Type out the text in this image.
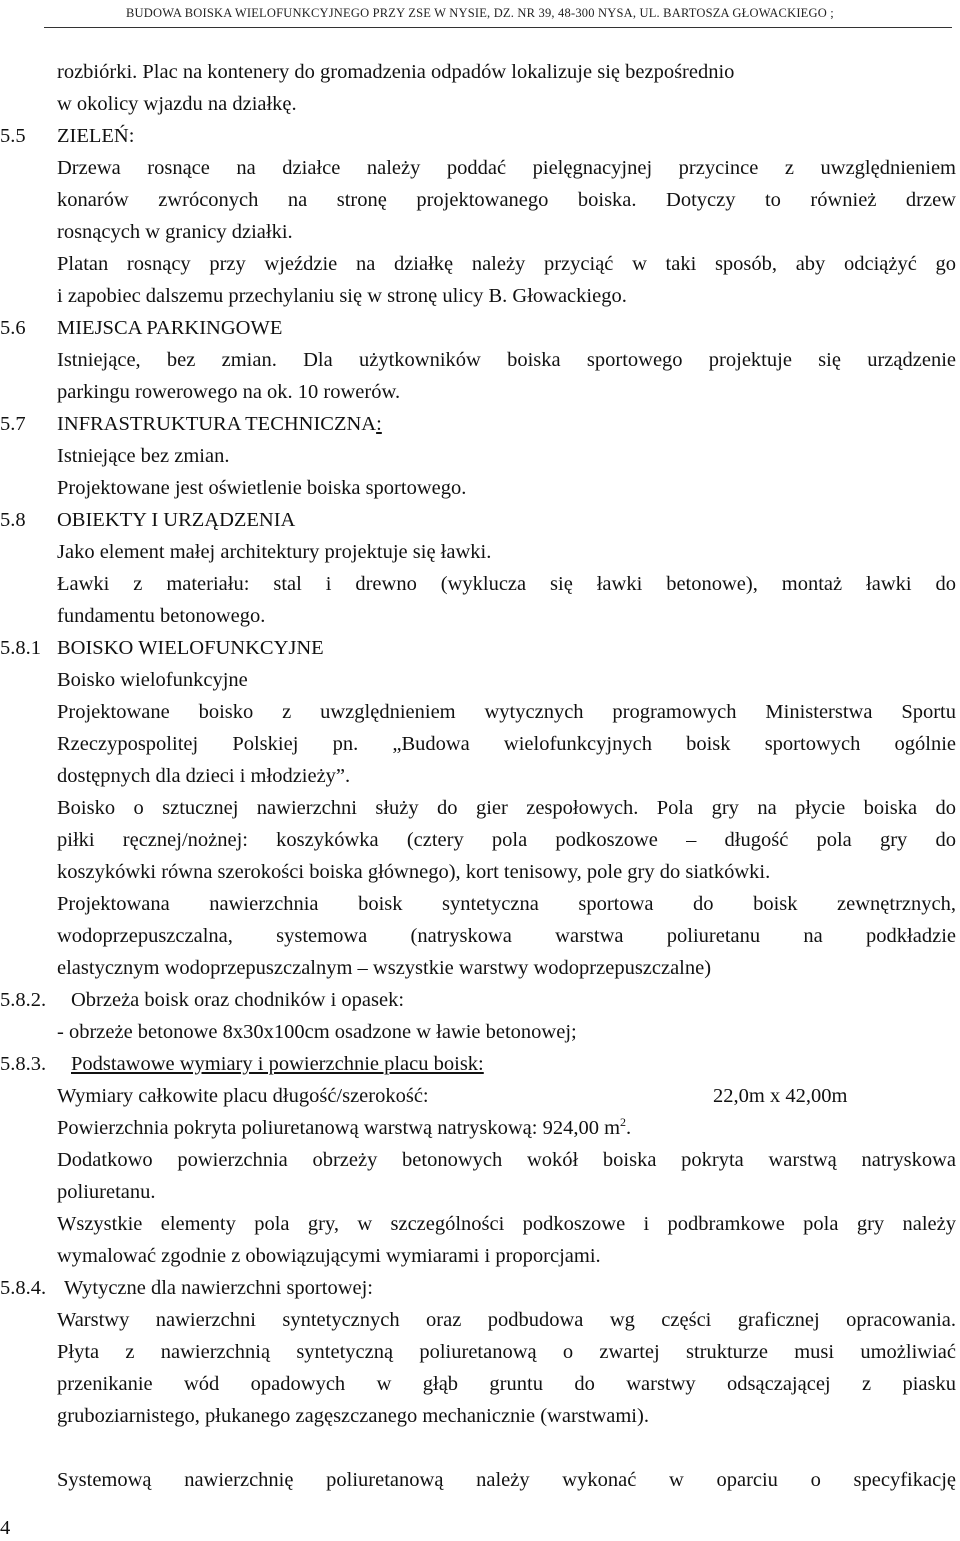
BUDOWA BOISKA WIELOFUNKCYJNEGO PRZY ZSE W NYSIE, DZ. NR 39, 48-300 NYSA, UL. BARTOSZA GŁOWACKIEGO ;
rozbiórki. Plac na kontenery do gromadzenia odpadów lokalizuje się bezpośrednio
w okolicy wjazdu na działkę.
5.5 ZIELEŃ:
Drzewa rosnące na działce należy poddać pielęgnacyjnej przycince z uwzględnieniem
konarów zwróconych na stronę projektowanego boiska. Dotyczy to również drzew
rosnących w granicy działki.
Platan rosnący przy wjeździe na działkę należy przyciąć w taki sposób, aby odciążyć go
i zapobiec dalszemu przechylaniu się w stronę ulicy B. Głowackiego.
5.6 MIEJSCA PARKINGOWE
Istniejące, bez zmian. Dla użytkowników boiska sportowego projektuje się urządzenie
parkingu rowerowego na ok. 10 rowerów.
5.7 INFRASTRUKTURA TECHNICZNA:
Istniejące bez zmian.
Projektowane jest oświetlenie boiska sportowego.
5.8 OBIEKTY I URZĄDZENIA
Jako element małej architektury projektuje się ławki.
Ławki z materiału: stal i drewno (wyklucza się ławki betonowe), montaż ławki do
fundamentu betonowego.
5.8.1 BOISKO WIELOFUNKCYJNE
Boisko wielofunkcyjne
Projektowane boisko z uwzględnieniem wytycznych programowych Ministerstwa Sportu
Rzeczypospolitej Polskiej pn. „Budowa wielofunkcyjnych boisk sportowych ogólnie
dostępnych dla dzieci i młodzieży”.
Boisko o sztucznej nawierzchni służy do gier zespołowych. Pola gry na płycie boiska do
piłki ręcznej/nożnej: koszykówka (cztery pola podkoszowe – długość pola gry do
koszykówki równa szerokości boiska głównego), kort tenisowy, pole gry do siatkówki.
Projektowana nawierzchnia boisk syntetyczna sportowa do boisk zewnętrznych,
wodoprzepuszczalna, systemowa (natryskowa warstwa poliuretanu na podkładzie
elastycznym wodoprzepuszczalnym – wszystkie warstwy wodoprzepuszczalne)
5.8.2. Obrzeża boisk oraz chodników i opasek:
- obrzeże betonowe 8x30x100cm osadzone w ławie betonowej;
5.8.3. Podstawowe wymiary i powierzchnie placu boisk:
Wymiary całkowite placu długość/szerokość:	22,0m x 42,00m
Powierzchnia pokryta poliuretanową warstwą natryskową: 924,00 $m^2$.
Dodatkowo powierzchnia obrzeży betonowych wokół boiska pokryta warstwą natryskowa
poliuretanu.
Wszystkie elementy pola gry, w szczególności podkoszowe i podbramkowe pola gry należy
wymalować zgodnie z obowiązującymi wymiarami i proporcjami.
5.8.4. Wytyczne dla nawierzchni sportowej:
Warstwy nawierzchni syntetycznych oraz podbudowa wg części graficznej opracowania.
Płyta z nawierzchnią syntetyczną poliuretanową o zwartej strukturze musi umożliwiać
przenikanie wód opadowych w głąb gruntu do warstwy odsączającej z piasku
gruboziarnistego, płukanego zagęszczanego mechanicznie (warstwami).
Systemową nawierzchnię poliuretanową należy wykonać w oparciu o specyfikację
4
